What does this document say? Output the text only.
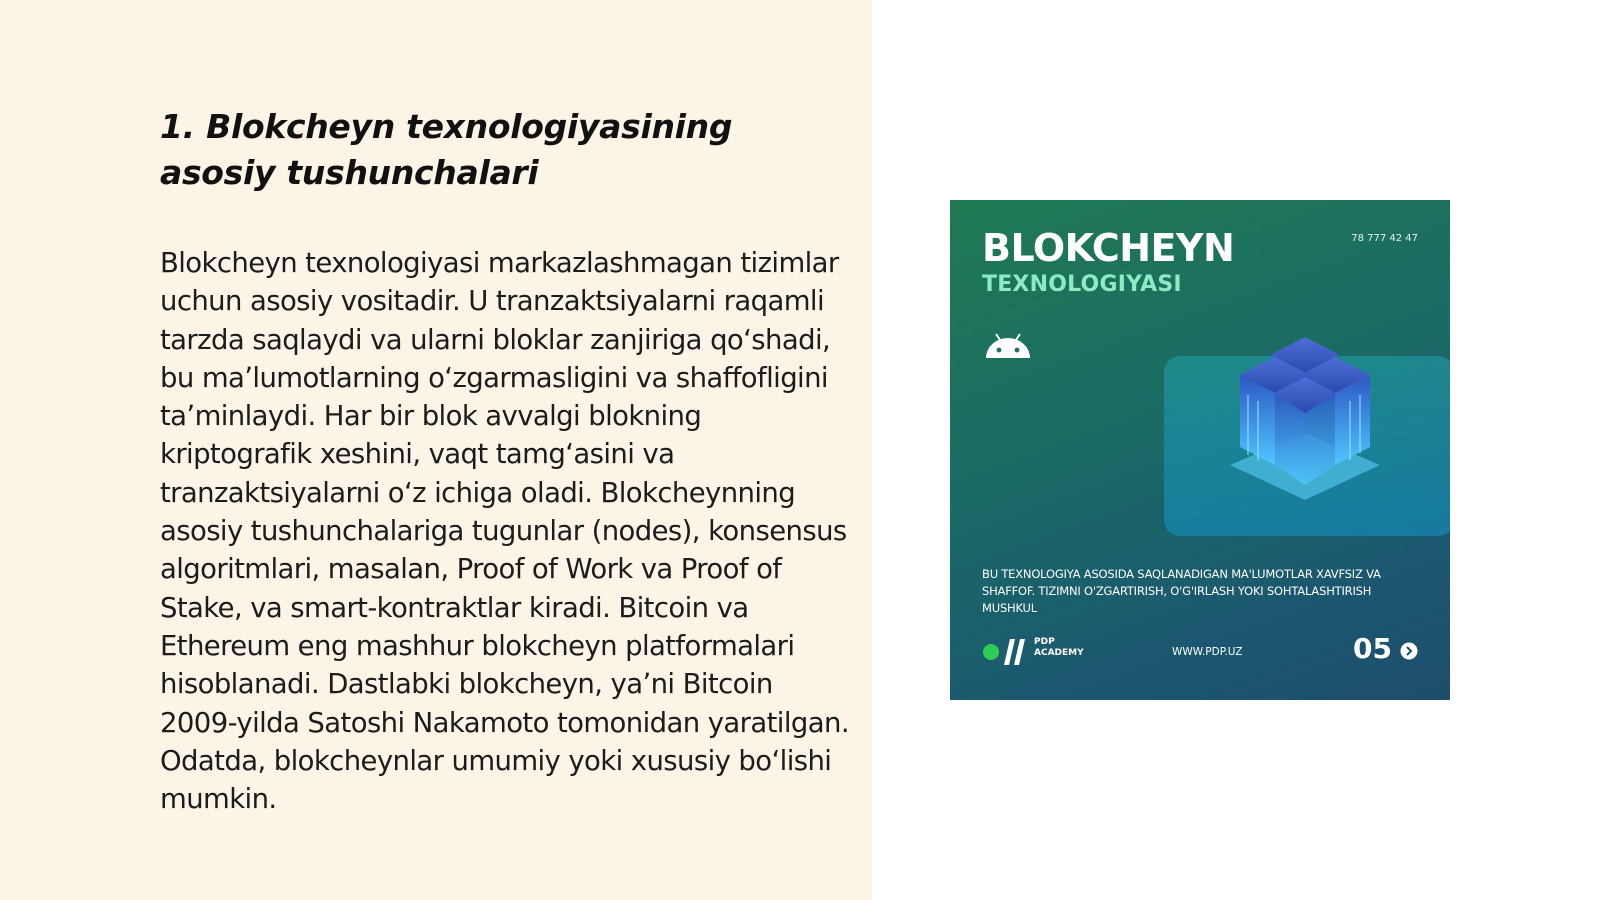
1. Blokcheyn texnologiyasining asosiy tushunchalari

Blokcheyn texnologiyasi markazlashmagan tizimlar uchun asosiy vositadir. U tranzaktsiyalarni raqamli tarzda saqlaydi va ularni bloklar zanjiriga qoʻshadi, bu maʼlumotlarning oʻzgarmasligini va shaffofligini taʼminlaydi. Har bir blok avvalgi blokning kriptografik xeshini, vaqt tamgʻasini va tranzaktsiyalarni oʻz ichiga oladi. Blokcheynning asosiy tushunchalariga tugunlar (nodes), konsensus algoritmlari, masalan, Proof of Work va Proof of Stake, va smart-kontraktlar kiradi. Bitcoin va Ethereum eng mashhur blokcheyn platformalari hisoblanadi. Dastlabki blokcheyn, yaʼni Bitcoin 2009-yilda Satoshi Nakamoto tomonidan yaratilgan. Odatda, blokcheynlar umumiy yoki xususiy boʻlishi mumkin.

BLOKCHEYN
TEXNOLOGIYASI
78 777 42 47
BU TEXNOLOGIYA ASOSIDA SAQLANADIGAN MA'LUMOTLAR XAVFSIZ VA SHAFFOF. TIZIMNI O'ZGARTIRISH, O'G'IRLASH YOKI SOHTALASHTIRISH MUSHKUL
PDP
ACADEMY	WWW.PDP.UZ	05
